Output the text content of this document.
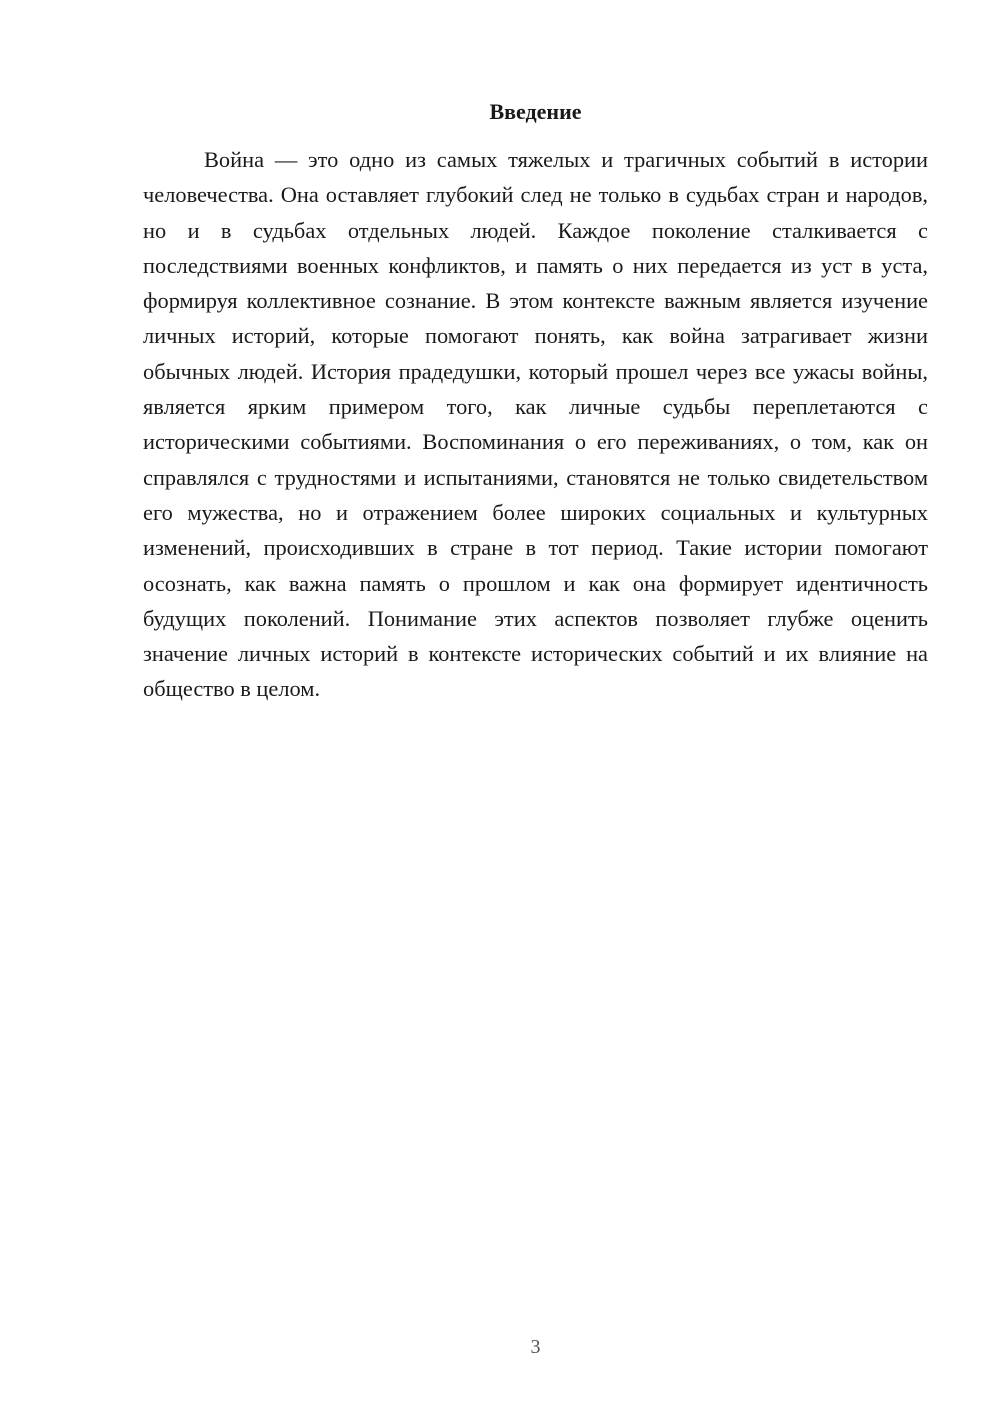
Введение

Война — это одно из самых тяжелых и трагичных событий в истории человечества. Она оставляет глубокий след не только в судьбах стран и народов, но и в судьбах отдельных людей. Каждое поколение сталкивается с последствиями военных конфликтов, и память о них передается из уст в уста, формируя коллективное сознание. В этом контексте важным является изучение личных историй, которые помогают понять, как война затрагивает жизни обычных людей. История прадедушки, который прошел через все ужасы войны, является ярким примером того, как личные судьбы переплетаются с историческими событиями. Воспоминания о его переживаниях, о том, как он справлялся с трудностями и испытаниями, становятся не только свидетельством его мужества, но и отражением более широких социальных и культурных изменений, происходивших в стране в тот период. Такие истории помогают осознать, как важна память о прошлом и как она формирует идентичность будущих поколений. Понимание этих аспектов позволяет глубже оценить значение личных историй в контексте исторических событий и их влияние на общество в целом.

3
